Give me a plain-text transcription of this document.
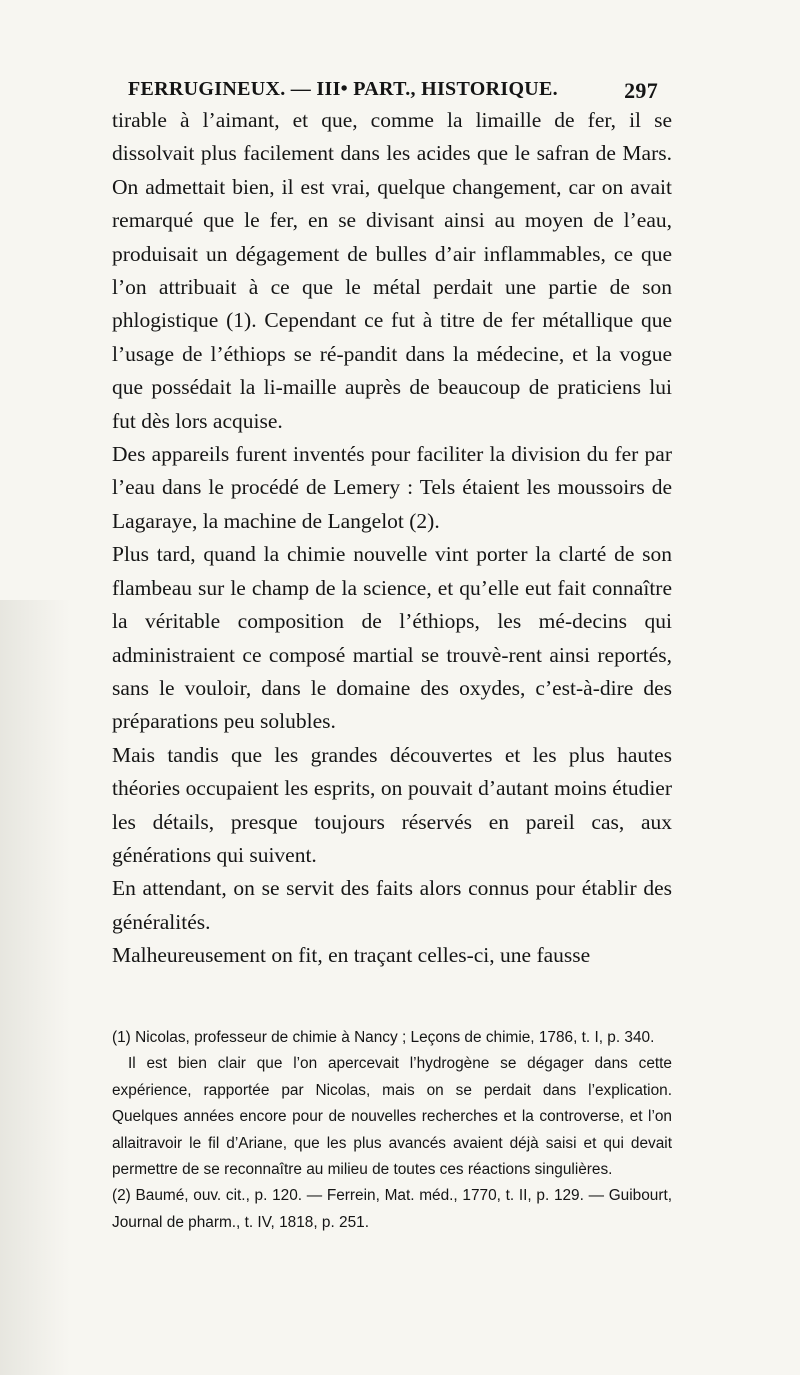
FERRUGINEUX. — III• PART., HISTORIQUE.	297

tirable à l’aimant, et que, comme la limaille de fer, il se dissolvait plus facilement dans les acides que le safran de Mars. On admettait bien, il est vrai, quelque changement, car on avait remarqué que le fer, en se divisant ainsi au moyen de l’eau, produisait un dégagement de bulles d’air inflammables, ce que l’on attribuait à ce que le métal perdait une partie de son phlogistique (1). Cependant ce fut à titre de fer métallique que l’usage de l’éthiops se ré-pandit dans la médecine, et la vogue que possédait la li-maille auprès de beaucoup de praticiens lui fut dès lors acquise.

Des appareils furent inventés pour faciliter la division du fer par l’eau dans le procédé de Lemery : Tels étaient les moussoirs de Lagaraye, la machine de Langelot (2).

Plus tard, quand la chimie nouvelle vint porter la clarté de son flambeau sur le champ de la science, et qu’elle eut fait connaître la véritable composition de l’éthiops, les mé-decins qui administraient ce composé martial se trouvè-rent ainsi reportés, sans le vouloir, dans le domaine des oxydes, c’est-à-dire des préparations peu solubles.

Mais tandis que les grandes découvertes et les plus hautes théories occupaient les esprits, on pouvait d’autant moins étudier les détails, presque toujours réservés en pareil cas, aux générations qui suivent.

En attendant, on se servit des faits alors connus pour établir des généralités.

Malheureusement on fit, en traçant celles-ci, une fausse

(1) Nicolas, professeur de chimie à Nancy ; Leçons de chimie, 1786, t. I, p. 340.

Il est bien clair que l’on apercevait l’hydrogène se dégager dans cette expérience, rapportée par Nicolas, mais on se perdait dans l’explication. Quelques années encore pour de nouvelles recherches et la controverse, et l’on allaitravoir le fil d’Ariane, que les plus avancés avaient déjà saisi et qui devait permettre de se reconnaître au milieu de toutes ces réactions singulières.

(2) Baumé, ouv. cit., p. 120. — Ferrein, Mat. méd., 1770, t. II, p. 129. — Guibourt, Journal de pharm., t. IV, 1818, p. 251.
